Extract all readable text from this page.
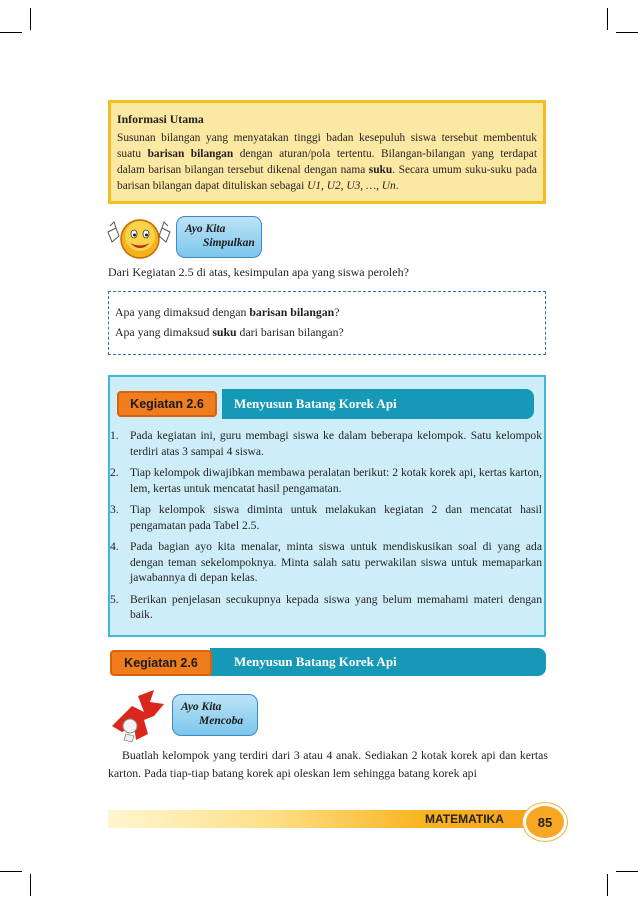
Informasi Utama
Susunan bilangan yang menyatakan tinggi badan kesepuluh siswa tersebut membentuk suatu barisan bilangan dengan aturan/pola tertentu. Bilangan-bilangan yang terdapat dalam barisan bilangan tersebut dikenal dengan nama suku. Secara umum suku-suku pada barisan bilangan dapat dituliskan sebagai U1, U2, U3, …, Un.
Ayo Kita
Simpulkan
Dari Kegiatan 2.5 di atas, kesimpulan apa yang siswa peroleh?
Apa yang dimaksud dengan barisan bilangan?
Apa yang dimaksud suku dari barisan bilangan?
Menyusun Batang Korek Api
Kegiatan 2.6
1. Pada kegiatan ini, guru membagi siswa ke dalam beberapa kelompok. Satu kelompok terdiri atas 3 sampai 4 siswa.
2. Tiap kelompok diwajibkan membawa peralatan berikut: 2 kotak korek api, kertas karton, lem, kertas untuk mencatat hasil pengamatan.
3. Tiap kelompok siswa diminta untuk melakukan kegiatan 2 dan mencatat hasil pengamatan pada Tabel 2.5.
4. Pada bagian ayo kita menalar, minta siswa untuk mendiskusikan soal di yang ada dengan teman sekelompoknya. Minta salah satu perwakilan siswa untuk memaparkan jawabannya di depan kelas.
5. Berikan penjelasan secukupnya kepada siswa yang belum memahami materi dengan baik.
Menyusun Batang Korek Api
Kegiatan 2.6
Ayo Kita
Mencoba
Buatlah kelompok yang terdiri dari 3 atau 4 anak. Sediakan 2 kotak korek api dan kertas karton. Pada tiap-tiap batang korek api oleskan lem sehingga batang korek api
MATEMATIKA	85
